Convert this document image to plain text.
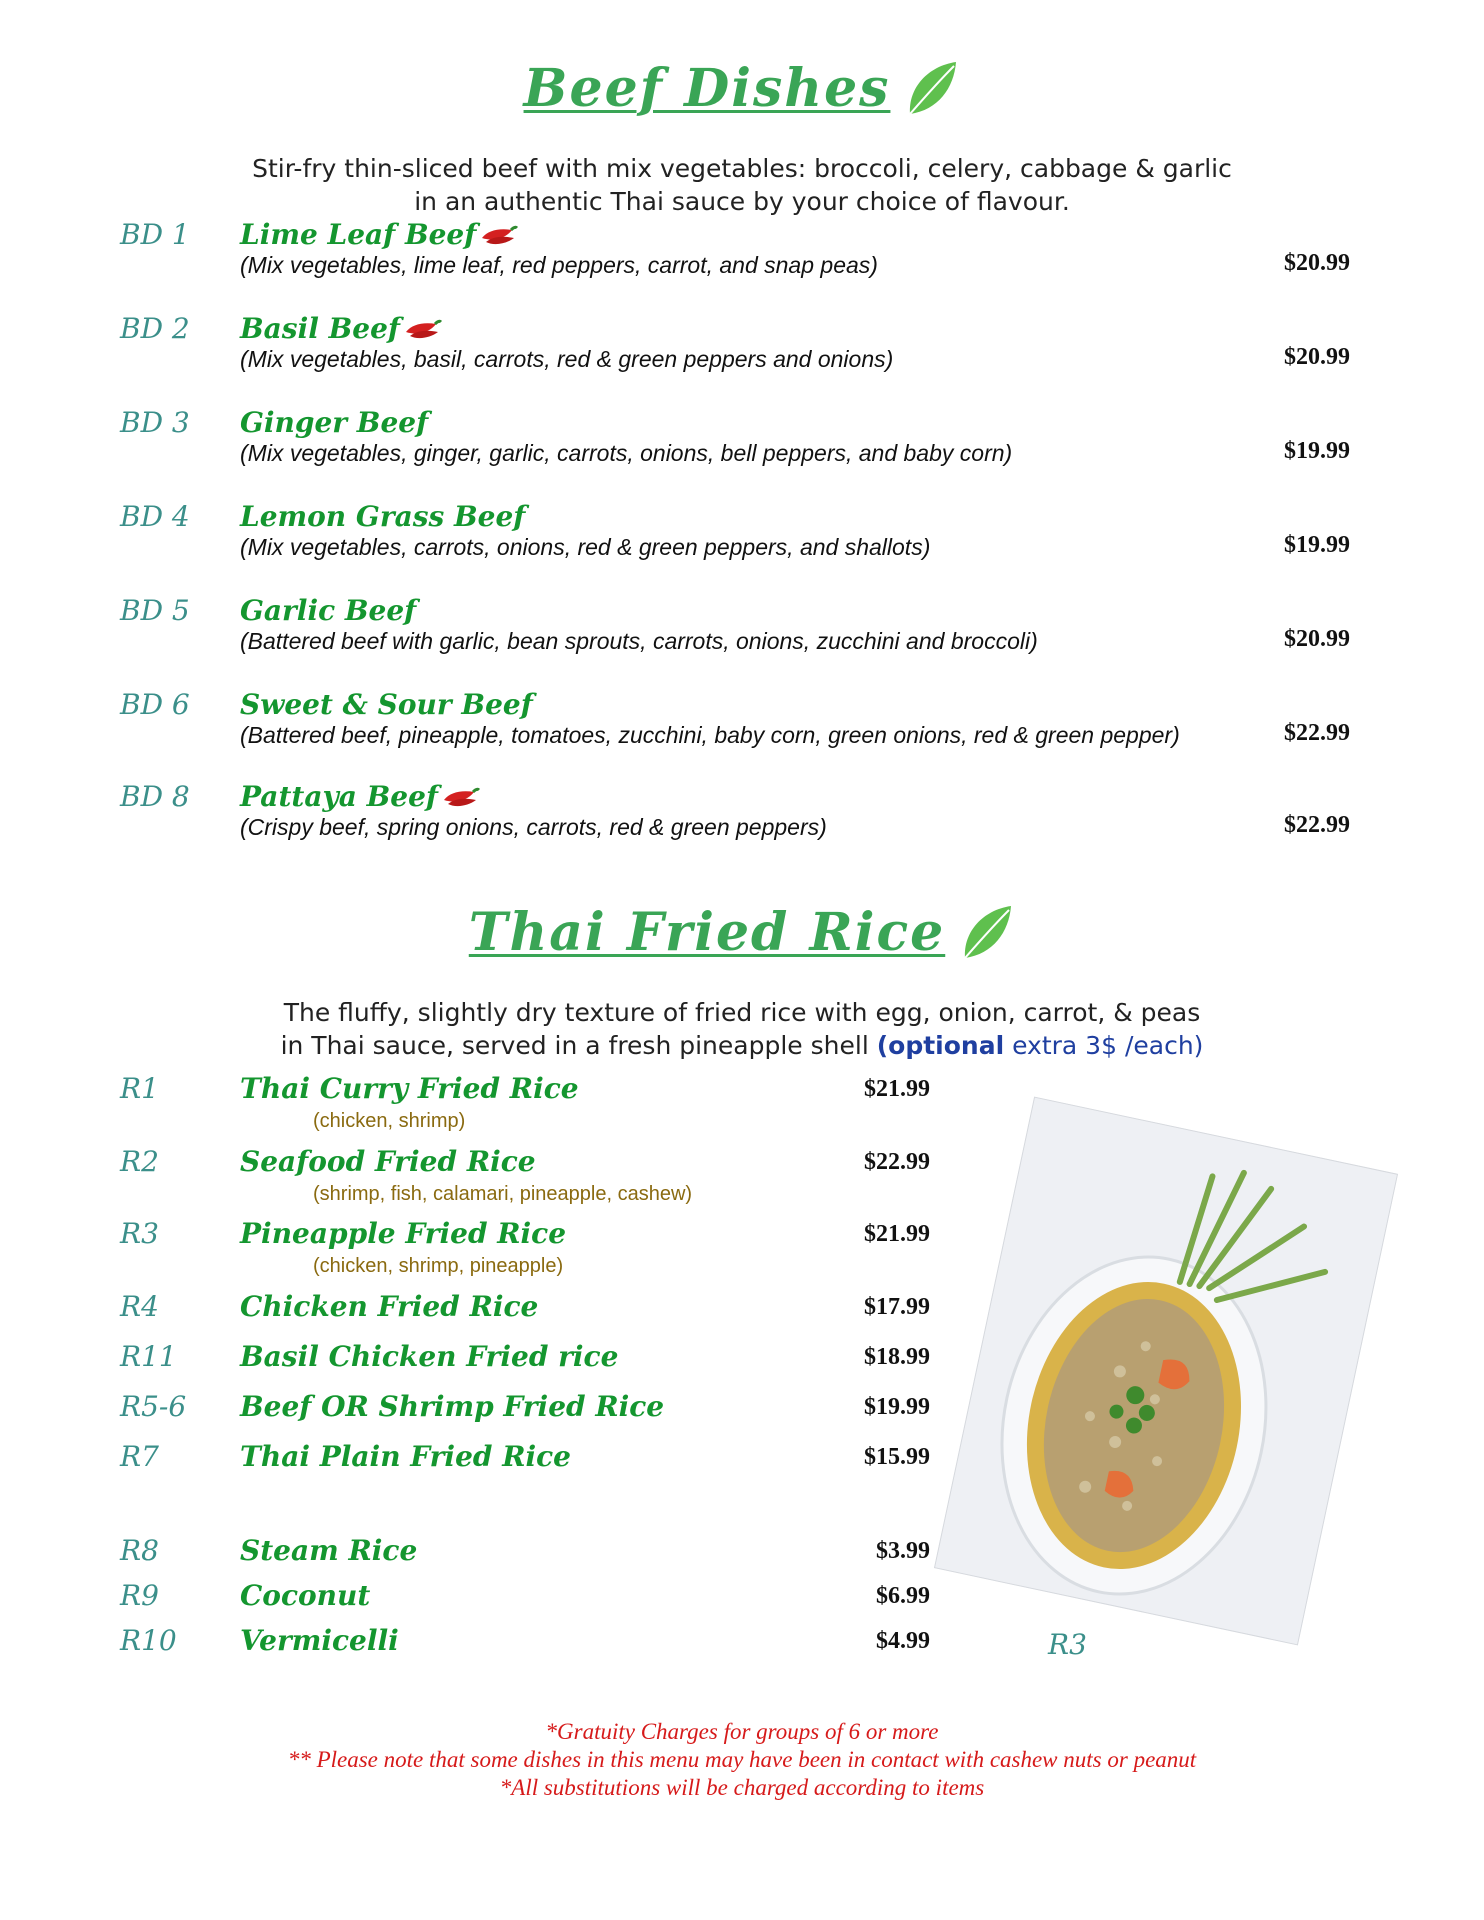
Beef Dishes
Stir-fry thin-sliced beef with mix vegetables: broccoli, celery, cabbage & garlic
in an authentic Thai sauce by your choice of flavour.
BD 1 Lime Leaf Beef
(Mix vegetables, lime leaf, red peppers, carrot, and snap peas)	$20.99
BD 2 Basil Beef
(Mix vegetables, basil, carrots, red & green peppers and onions)	$20.99
BD 3 Ginger Beef
(Mix vegetables, ginger, garlic, carrots, onions, bell peppers, and baby corn)	$19.99
BD 4 Lemon Grass Beef
(Mix vegetables, carrots, onions, red & green peppers, and shallots)	$19.99
BD 5 Garlic Beef
(Battered beef with garlic, bean sprouts, carrots, onions, zucchini and broccoli)	$20.99
BD 6 Sweet & Sour Beef
(Battered beef, pineapple, tomatoes, zucchini, baby corn, green onions, red & green pepper)	$22.99
BD 8 Pattaya Beef
(Crispy beef, spring onions, carrots, red & green peppers)	$22.99
Thai Fried Rice
The fluffy, slightly dry texture of fried rice with egg, onion, carrot, & peas
in Thai sauce, served in a fresh pineapple shell (optional extra 3$ /each)
R1	Thai Curry Fried Rice	$21.99
(chicken, shrimp)
R2	Seafood Fried Rice	$22.99
(shrimp, fish, calamari, pineapple, cashew)
R3	Pineapple Fried Rice	$21.99
(chicken, shrimp, pineapple)
R4	Chicken Fried Rice	$17.99
R11 Basil Chicken Fried rice	$18.99
R5-6 Beef OR Shrimp Fried Rice	$19.99
R7	Thai Plain Fried Rice	$15.99
R8	Steam Rice	$3.99
R9	Coconut	$6.99
R10 Vermicelli	$4.99	R3
*Gratuity Charges for groups of 6 or more
** Please note that some dishes in this menu may have been in contact with cashew nuts or peanut
*All substitutions will be charged according to items
